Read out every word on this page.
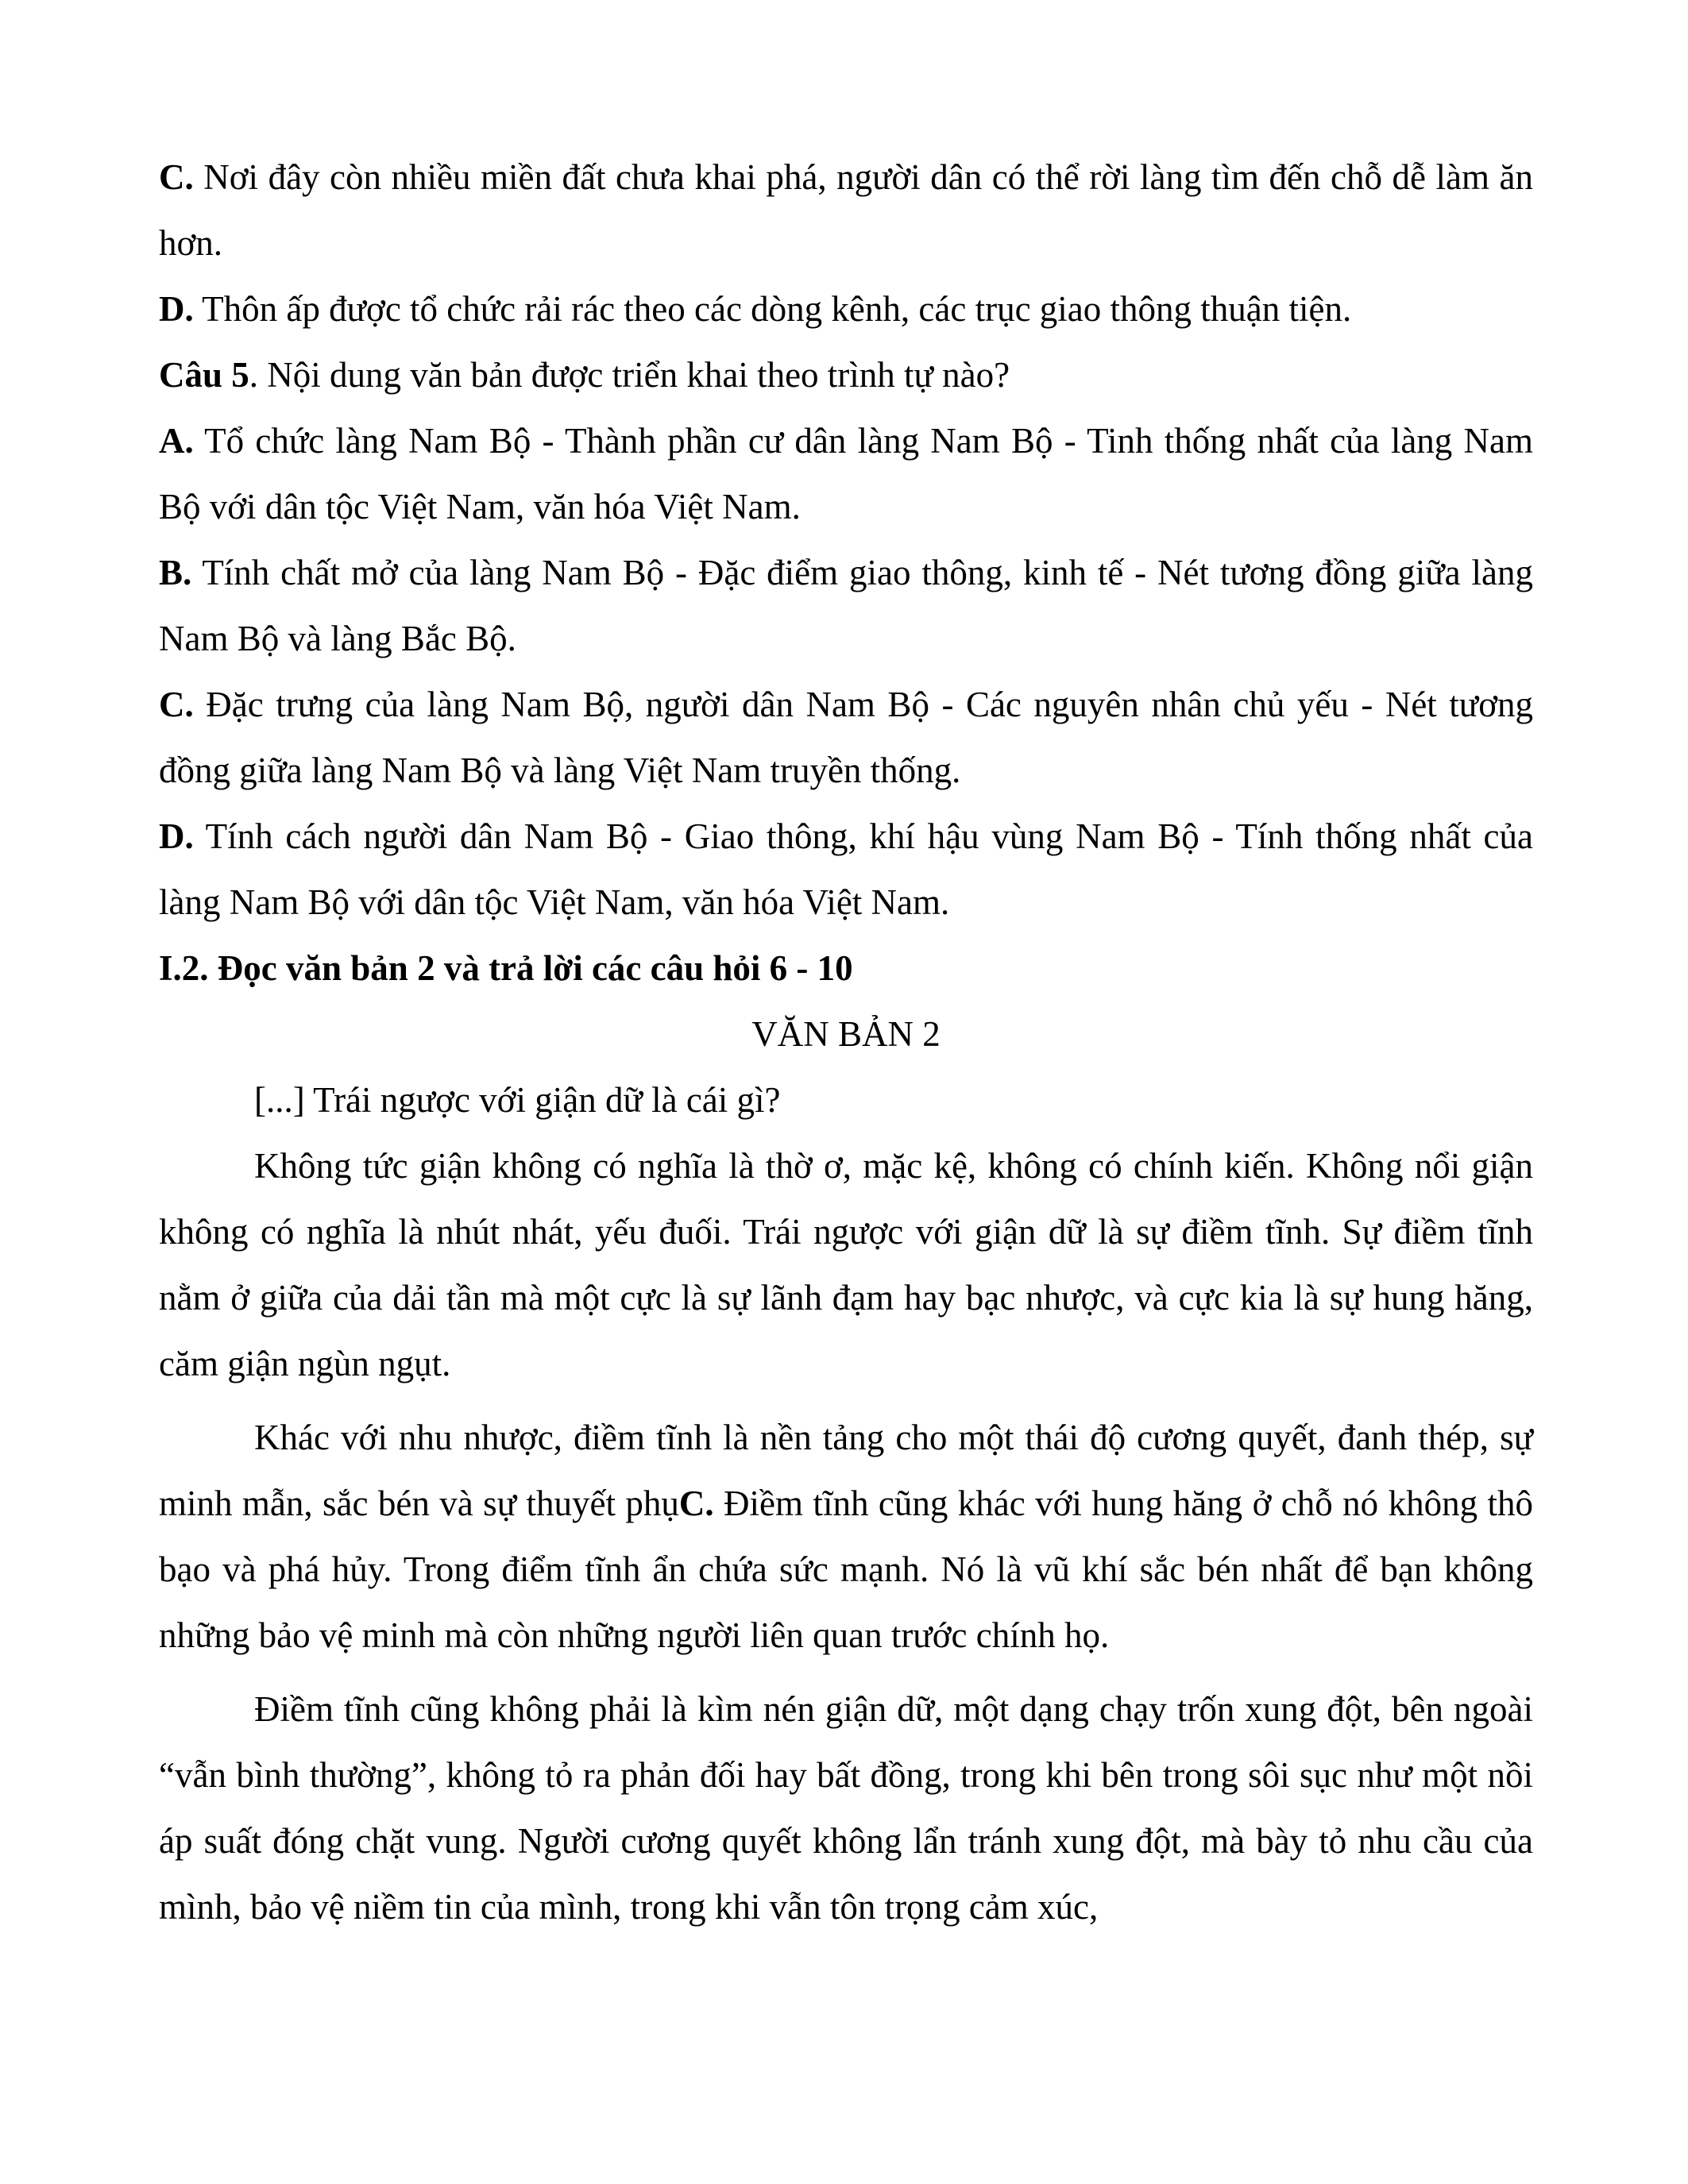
C. Nơi đây còn nhiều miền đất chưa khai phá, người dân có thể rời làng tìm đến chỗ dễ làm ăn hơn.

D. Thôn ấp được tổ chức rải rác theo các dòng kênh, các trục giao thông thuận tiện.

Câu 5. Nội dung văn bản được triển khai theo trình tự nào?

A. Tổ chức làng Nam Bộ - Thành phần cư dân làng Nam Bộ - Tinh thống nhất của làng Nam Bộ với dân tộc Việt Nam, văn hóa Việt Nam.

B. Tính chất mở của làng Nam Bộ - Đặc điểm giao thông, kinh tế - Nét tương đồng giữa làng Nam Bộ và làng Bắc Bộ.

C. Đặc trưng của làng Nam Bộ, người dân Nam Bộ - Các nguyên nhân chủ yếu - Nét tương đồng giữa làng Nam Bộ và làng Việt Nam truyền thống.

D. Tính cách người dân Nam Bộ - Giao thông, khí hậu vùng Nam Bộ - Tính thống nhất của làng Nam Bộ với dân tộc Việt Nam, văn hóa Việt Nam.

I.2. Đọc văn bản 2 và trả lời các câu hỏi 6 - 10

VĂN BẢN 2

[...] Trái ngược với giận dữ là cái gì?

Không tức giận không có nghĩa là thờ ơ, mặc kệ, không có chính kiến. Không nổi giận không có nghĩa là nhút nhát, yếu đuối. Trái ngược với giận dữ là sự điềm tĩnh. Sự điềm tĩnh nằm ở giữa của dải tần mà một cực là sự lãnh đạm hay bạc nhược, và cực kia là sự hung hăng, căm giận ngùn ngụt.

Khác với nhu nhược, điềm tĩnh là nền tảng cho một thái độ cương quyết, đanh thép, sự minh mẫn, sắc bén và sự thuyết phụC. Điềm tĩnh cũng khác với hung hăng ở chỗ nó không thô bạo và phá hủy. Trong điểm tĩnh ẩn chứa sức mạnh. Nó là vũ khí sắc bén nhất để bạn không những bảo vệ minh mà còn những người liên quan trước chính họ.

Điềm tĩnh cũng không phải là kìm nén giận dữ, một dạng chạy trốn xung đột, bên ngoài “vẫn bình thường”, không tỏ ra phản đối hay bất đồng, trong khi bên trong sôi sục như một nồi áp suất đóng chặt vung. Người cương quyết không lẩn tránh xung đột, mà bày tỏ nhu cầu của mình, bảo vệ niềm tin của mình, trong khi vẫn tôn trọng cảm xúc,
